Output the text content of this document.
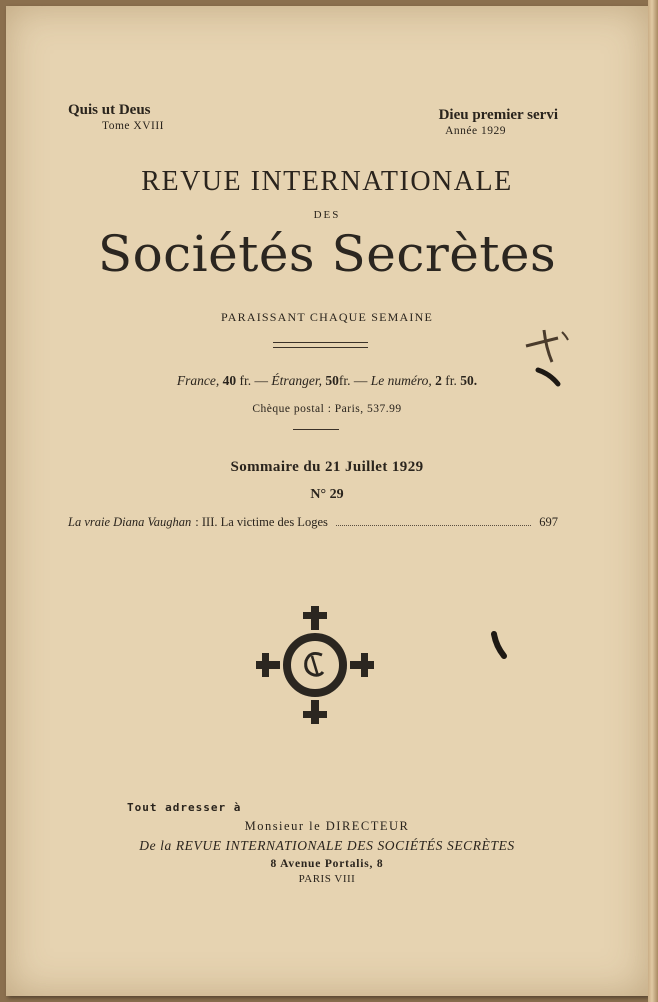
Quis ut Deus
Tome XVIII
Dieu premier servi
Année 1929
REVUE INTERNATIONALE
DES
Sociétés Secrètes
PARAISSANT CHAQUE SEMAINE
France, 40 fr. — Étranger, 50fr. — Le numéro, 2 fr. 50.
Chèque postal : Paris, 537.99
Sommaire du 21 Juillet 1929
N° 29
La vraie Diana Vaughan : III. La victime des Loges	697
Tout adresser à
Monsieur le DIRECTEUR
De la REVUE INTERNATIONALE DES SOCIÉTÉS SECRÈTES
8 Avenue Portalis, 8
PARIS VIII
